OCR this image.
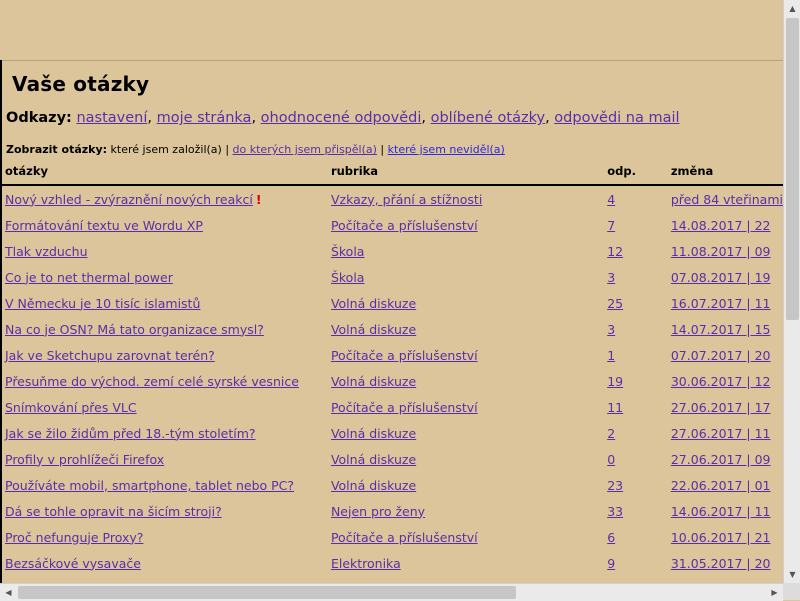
Vaše otázky
Odkazy: nastavení, moje stránka, ohodnocené odpovědi, oblíbené otázky, odpovědi na mail
Zobrazit otázky: které jsem založil(a) | do kterých jsem přispěl(a) | které jsem neviděl(a)
otázky	rubrika	odp.	změna
Nový vzhled - zvýraznění nových reakcí !	Vzkazy, přání a stížnosti	4	před 84 vteřinami
Formátování textu ve Wordu XP	Počítače a příslušenství	7	14.08.2017 | 22
Tlak vzduchu	Škola	12	11.08.2017 | 09
Co je to net thermal power	Škola	3	07.08.2017 | 19
V Německu je 10 tisíc islamistů	Volná diskuze	25	16.07.2017 | 11
Na co je OSN? Má tato organizace smysl?	Volná diskuze	3	14.07.2017 | 15
Jak ve Sketchupu zarovnat terén?	Počítače a příslušenství	1	07.07.2017 | 20
Přesuňme do východ. zemí celé syrské vesnice	Volná diskuze	19	30.06.2017 | 12
Snímkování přes VLC	Počítače a příslušenství	11	27.06.2017 | 17
Jak se žilo židům před 18.-tým stoletím?	Volná diskuze	2	27.06.2017 | 11
Profily v prohlížeči Firefox	Volná diskuze	0	27.06.2017 | 09
Používáte mobil, smartphone, tablet nebo PC?	Volná diskuze	23	22.06.2017 | 01
Dá se tohle opravit na šicím stroji?	Nejen pro ženy	33	14.06.2017 | 11
Proč nefunguje Proxy?	Počítače a příslušenství	6	10.06.2017 | 21
Bezsáčkové vysavače	Elektronika	9	31.05.2017 | 20
▲
▼
◀	▶
